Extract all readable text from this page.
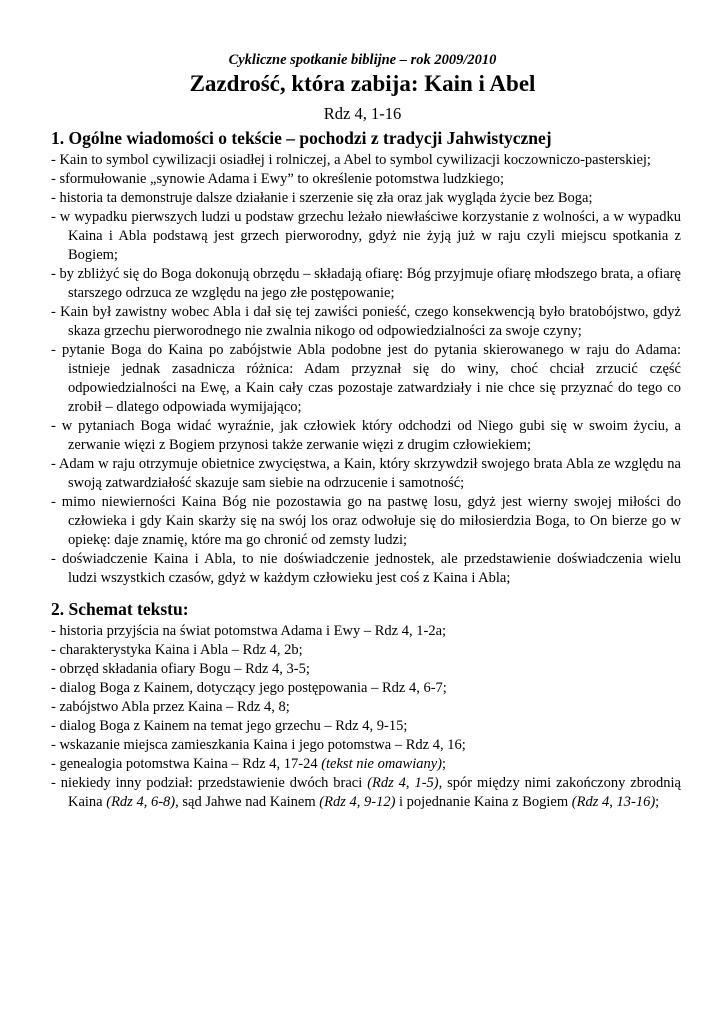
Cykliczne spotkanie biblijne – rok 2009/2010
Zazdrość, która zabija: Kain i Abel
Rdz 4, 1-16
1. Ogólne wiadomości o tekście – pochodzi z tradycji Jahwistycznej
- Kain to symbol cywilizacji osiadłej i rolniczej, a Abel to symbol cywilizacji koczowniczo-pasterskiej;
- sformułowanie „synowie Adama i Ewy” to określenie potomstwa ludzkiego;
- historia ta demonstruje dalsze działanie i szerzenie się zła oraz jak wygląda życie bez Boga;
- w wypadku pierwszych ludzi u podstaw grzechu leżało niewłaściwe korzystanie z wolności, a w wypadku Kaina i Abla podstawą jest grzech pierworodny, gdyż nie żyją już w raju czyli miejscu spotkania z Bogiem;
- by zbliżyć się do Boga dokonują obrzędu – składają ofiarę: Bóg przyjmuje ofiarę młodszego brata, a ofiarę starszego odrzuca ze względu na jego złe postępowanie;
- Kain był zawistny wobec Abla i dał się tej zawiści ponieść, czego konsekwencją było bratobójstwo, gdyż skaza grzechu pierworodnego nie zwalnia nikogo od odpowiedzialności za swoje czyny;
- pytanie Boga do Kaina po zabójstwie Abla podobne jest do pytania skierowanego w raju do Adama: istnieje jednak zasadnicza różnica: Adam przyznał się do winy, choć chciał zrzucić część odpowiedzialności na Ewę, a Kain cały czas pozostaje zatwardziały i nie chce się przyznać do tego co zrobił – dlatego odpowiada wymijająco;
- w pytaniach Boga widać wyraźnie, jak człowiek który odchodzi od Niego gubi się w swoim życiu, a zerwanie więzi z Bogiem przynosi także zerwanie więzi z drugim człowiekiem;
- Adam w raju otrzymuje obietnice zwycięstwa, a Kain, który skrzywdził swojego brata Abla ze względu na swoją zatwardziałość skazuje sam siebie na odrzucenie i samotność;
- mimo niewierności Kaina Bóg nie pozostawia go na pastwę losu, gdyż jest wierny swojej miłości do człowieka i gdy Kain skarży się na swój los oraz odwołuje się do miłosierdzia Boga, to On bierze go w opiekę: daje znamię, które ma go chronić od zemsty ludzi;
- doświadczenie Kaina i Abla, to nie doświadczenie jednostek, ale przedstawienie doświadczenia wielu ludzi wszystkich czasów, gdyż w każdym człowieku jest coś z Kaina i Abla;
2. Schemat tekstu:
- historia przyjścia na świat potomstwa Adama i Ewy – Rdz 4, 1-2a;
- charakterystyka Kaina i Abla – Rdz 4, 2b;
- obrzęd składania ofiary Bogu – Rdz 4, 3-5;
- dialog Boga z Kainem, dotyczący jego postępowania – Rdz 4, 6-7;
- zabójstwo Abla przez Kaina – Rdz 4, 8;
- dialog Boga z Kainem na temat jego grzechu – Rdz 4, 9-15;
- wskazanie miejsca zamieszkania Kaina i jego potomstwa – Rdz 4, 16;
- genealogia potomstwa Kaina – Rdz 4, 17-24 (tekst nie omawiany);
- niekiedy inny podział: przedstawienie dwóch braci (Rdz 4, 1-5), spór między nimi zakończony zbrodnią Kaina (Rdz 4, 6-8), sąd Jahwe nad Kainem (Rdz 4, 9-12) i pojednanie Kaina z Bogiem (Rdz 4, 13-16);
